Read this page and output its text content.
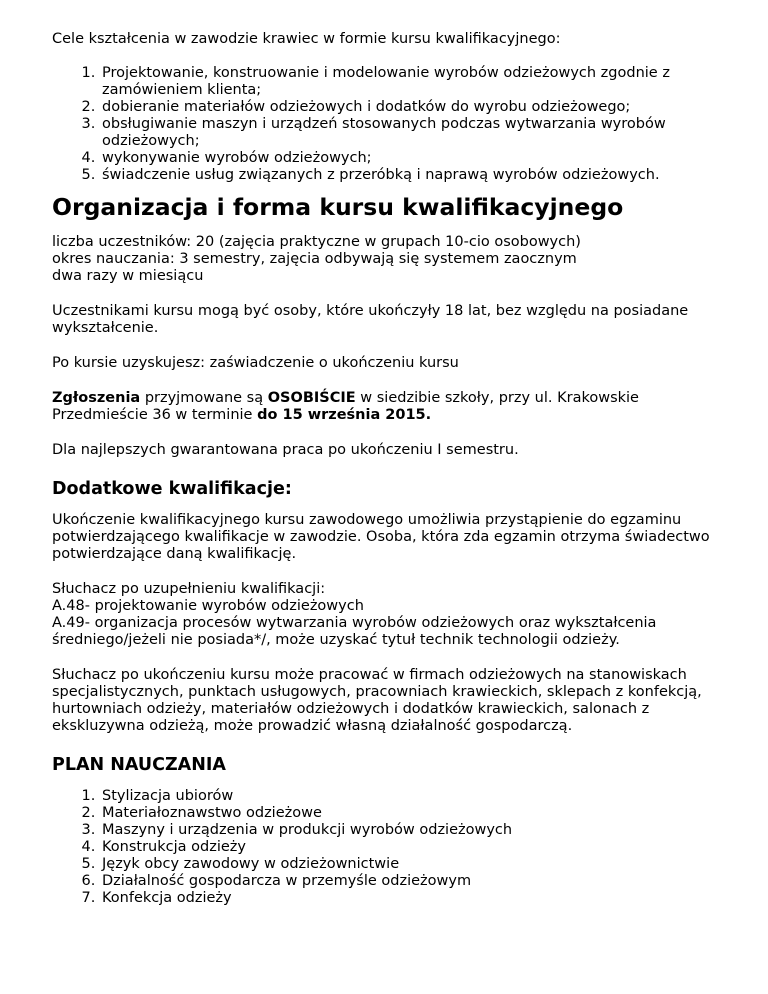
Cele kształcenia w zawodzie krawiec w formie kursu kwalifikacyjnego:

1. Projektowanie, konstruowanie i modelowanie wyrobów odzieżowych zgodnie z zamówieniem klienta;
2. dobieranie materiałów odzieżowych i dodatków do wyrobu odzieżowego;
3. obsługiwanie maszyn i urządzeń stosowanych podczas wytwarzania wyrobów odzieżowych;
4. wykonywanie wyrobów odzieżowych;
5. świadczenie usług związanych z przeróbką i naprawą wyrobów odzieżowych.
Organizacja i forma kursu kwalifikacyjnego

liczba uczestników: 20 (zajęcia praktyczne w grupach 10-cio osobowych)

okres nauczania: 3 semestry, zajęcia odbywają się systemem zaocznym

dwa razy w miesiącu

Uczestnikami kursu mogą być osoby, które ukończyły 18 lat, bez względu na posiadane wykształcenie.

Po kursie uzyskujesz: zaświadczenie o ukończeniu kursu

Zgłoszenia przyjmowane są OSOBIŚCIE w siedzibie szkoły, przy ul. Krakowskie Przedmieście 36 w terminie do 15 września 2015.

Dla najlepszych gwarantowana praca po ukończeniu I semestru.

Dodatkowe kwalifikacje:

Ukończenie kwalifikacyjnego kursu zawodowego umożliwia przystąpienie do egzaminu potwierdzającego kwalifikacje w zawodzie. Osoba, która zda egzamin otrzyma świadectwo potwierdzające daną kwalifikację.

Słuchacz po uzupełnieniu kwalifikacji:

A.48- projektowanie wyrobów odzieżowych

A.49- organizacja procesów wytwarzania wyrobów odzieżowych oraz wykształcenia średniego/jeżeli nie posiada*/, może uzyskać tytuł technik technologii odzieży.

Słuchacz po ukończeniu kursu może pracować w firmach odzieżowych na stanowiskach specjalistycznych, punktach usługowych, pracowniach krawieckich, sklepach z konfekcją, hurtowniach odzieży, materiałów odzieżowych i dodatków krawieckich, salonach z ekskluzywna odzieżą, może prowadzić własną działalność gospodarczą.

PLAN NAUCZANIA
1. Stylizacja ubiorów
2. Materiałoznawstwo odzieżowe
3. Maszyny i urządzenia w produkcji wyrobów odzieżowych
4. Konstrukcja odzieży
5. Język obcy zawodowy w odzieżownictwie
6. Działalność gospodarcza w przemyśle odzieżowym
7. Konfekcja odzieży
